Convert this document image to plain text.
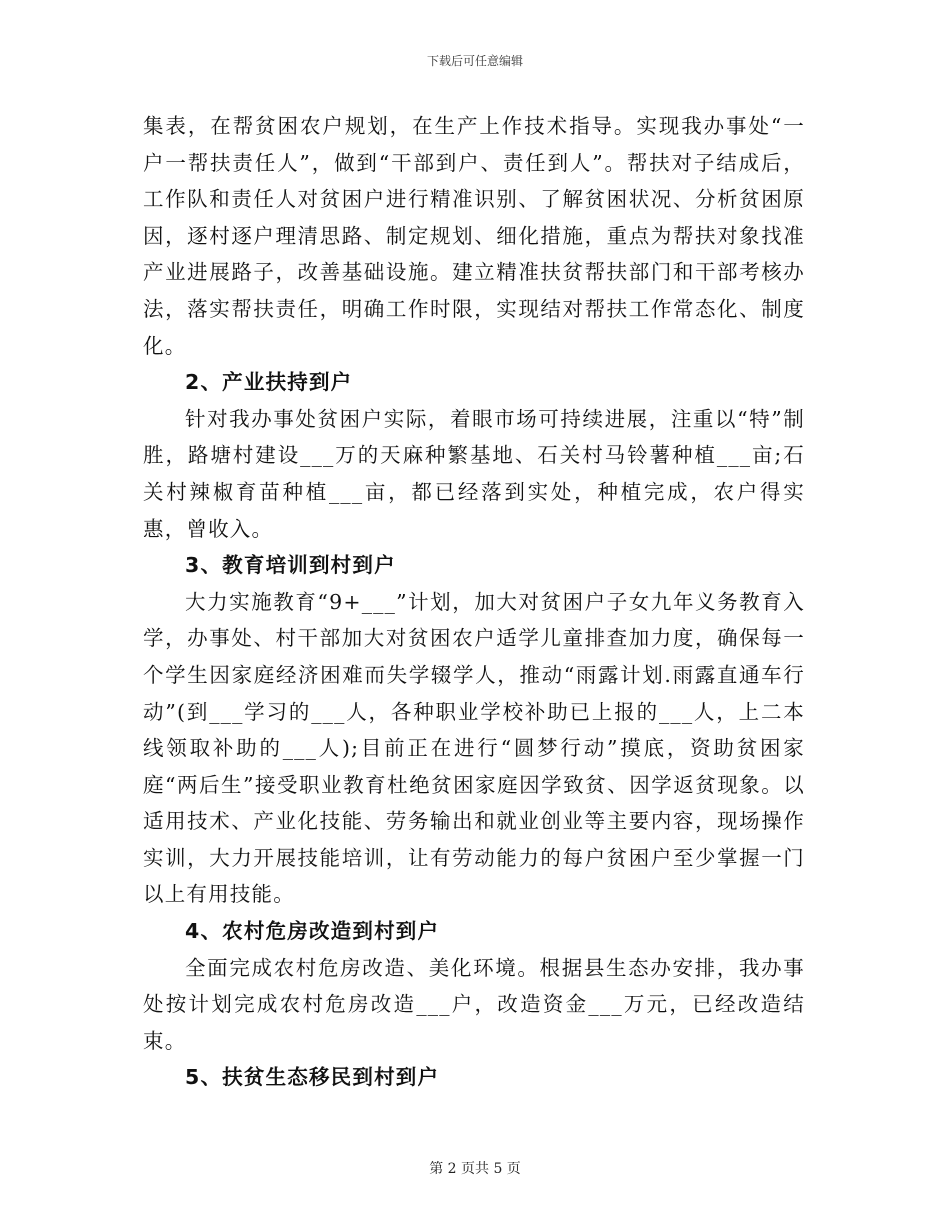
下载后可任意编辑

集表，在帮贫困农户规划，在生产上作技术指导。实现我办事处“一户一帮扶责任人”，做到“干部到户、责任到人”。帮扶对子结成后，工作队和责任人对贫困户进行精准识别、了解贫困状况、分析贫困原因，逐村逐户理清思路、制定规划、细化措施，重点为帮扶对象找准产业进展路子，改善基础设施。建立精准扶贫帮扶部门和干部考核办法，落实帮扶责任，明确工作时限，实现结对帮扶工作常态化、制度化。

2、产业扶持到户

针对我办事处贫困户实际，着眼市场可持续进展，注重以“特”制胜，路塘村建设___万的天麻种繁基地、石关村马铃薯种植___亩;石关村辣椒育苗种植___亩，都已经落到实处，种植完成，农户得实惠，曾收入。

3、教育培训到村到户

大力实施教育“9+___”计划，加大对贫困户子女九年义务教育入学，办事处、村干部加大对贫困农户适学儿童排查加力度，确保每一个学生因家庭经济困难而失学辍学人，推动“雨露计划.雨露直通车行动”(到___学习的___人，各种职业学校补助已上报的___人，上二本线领取补助的___人);目前正在进行“圆梦行动”摸底，资助贫困家庭“两后生”接受职业教育杜绝贫困家庭因学致贫、因学返贫现象。以适用技术、产业化技能、劳务输出和就业创业等主要内容，现场操作实训，大力开展技能培训，让有劳动能力的每户贫困户至少掌握一门以上有用技能。

4、农村危房改造到村到户

全面完成农村危房改造、美化环境。根据县生态办安排，我办事处按计划完成农村危房改造___户，改造资金___万元，已经改造结束。

5、扶贫生态移民到村到户

第 2 页共 5 页
